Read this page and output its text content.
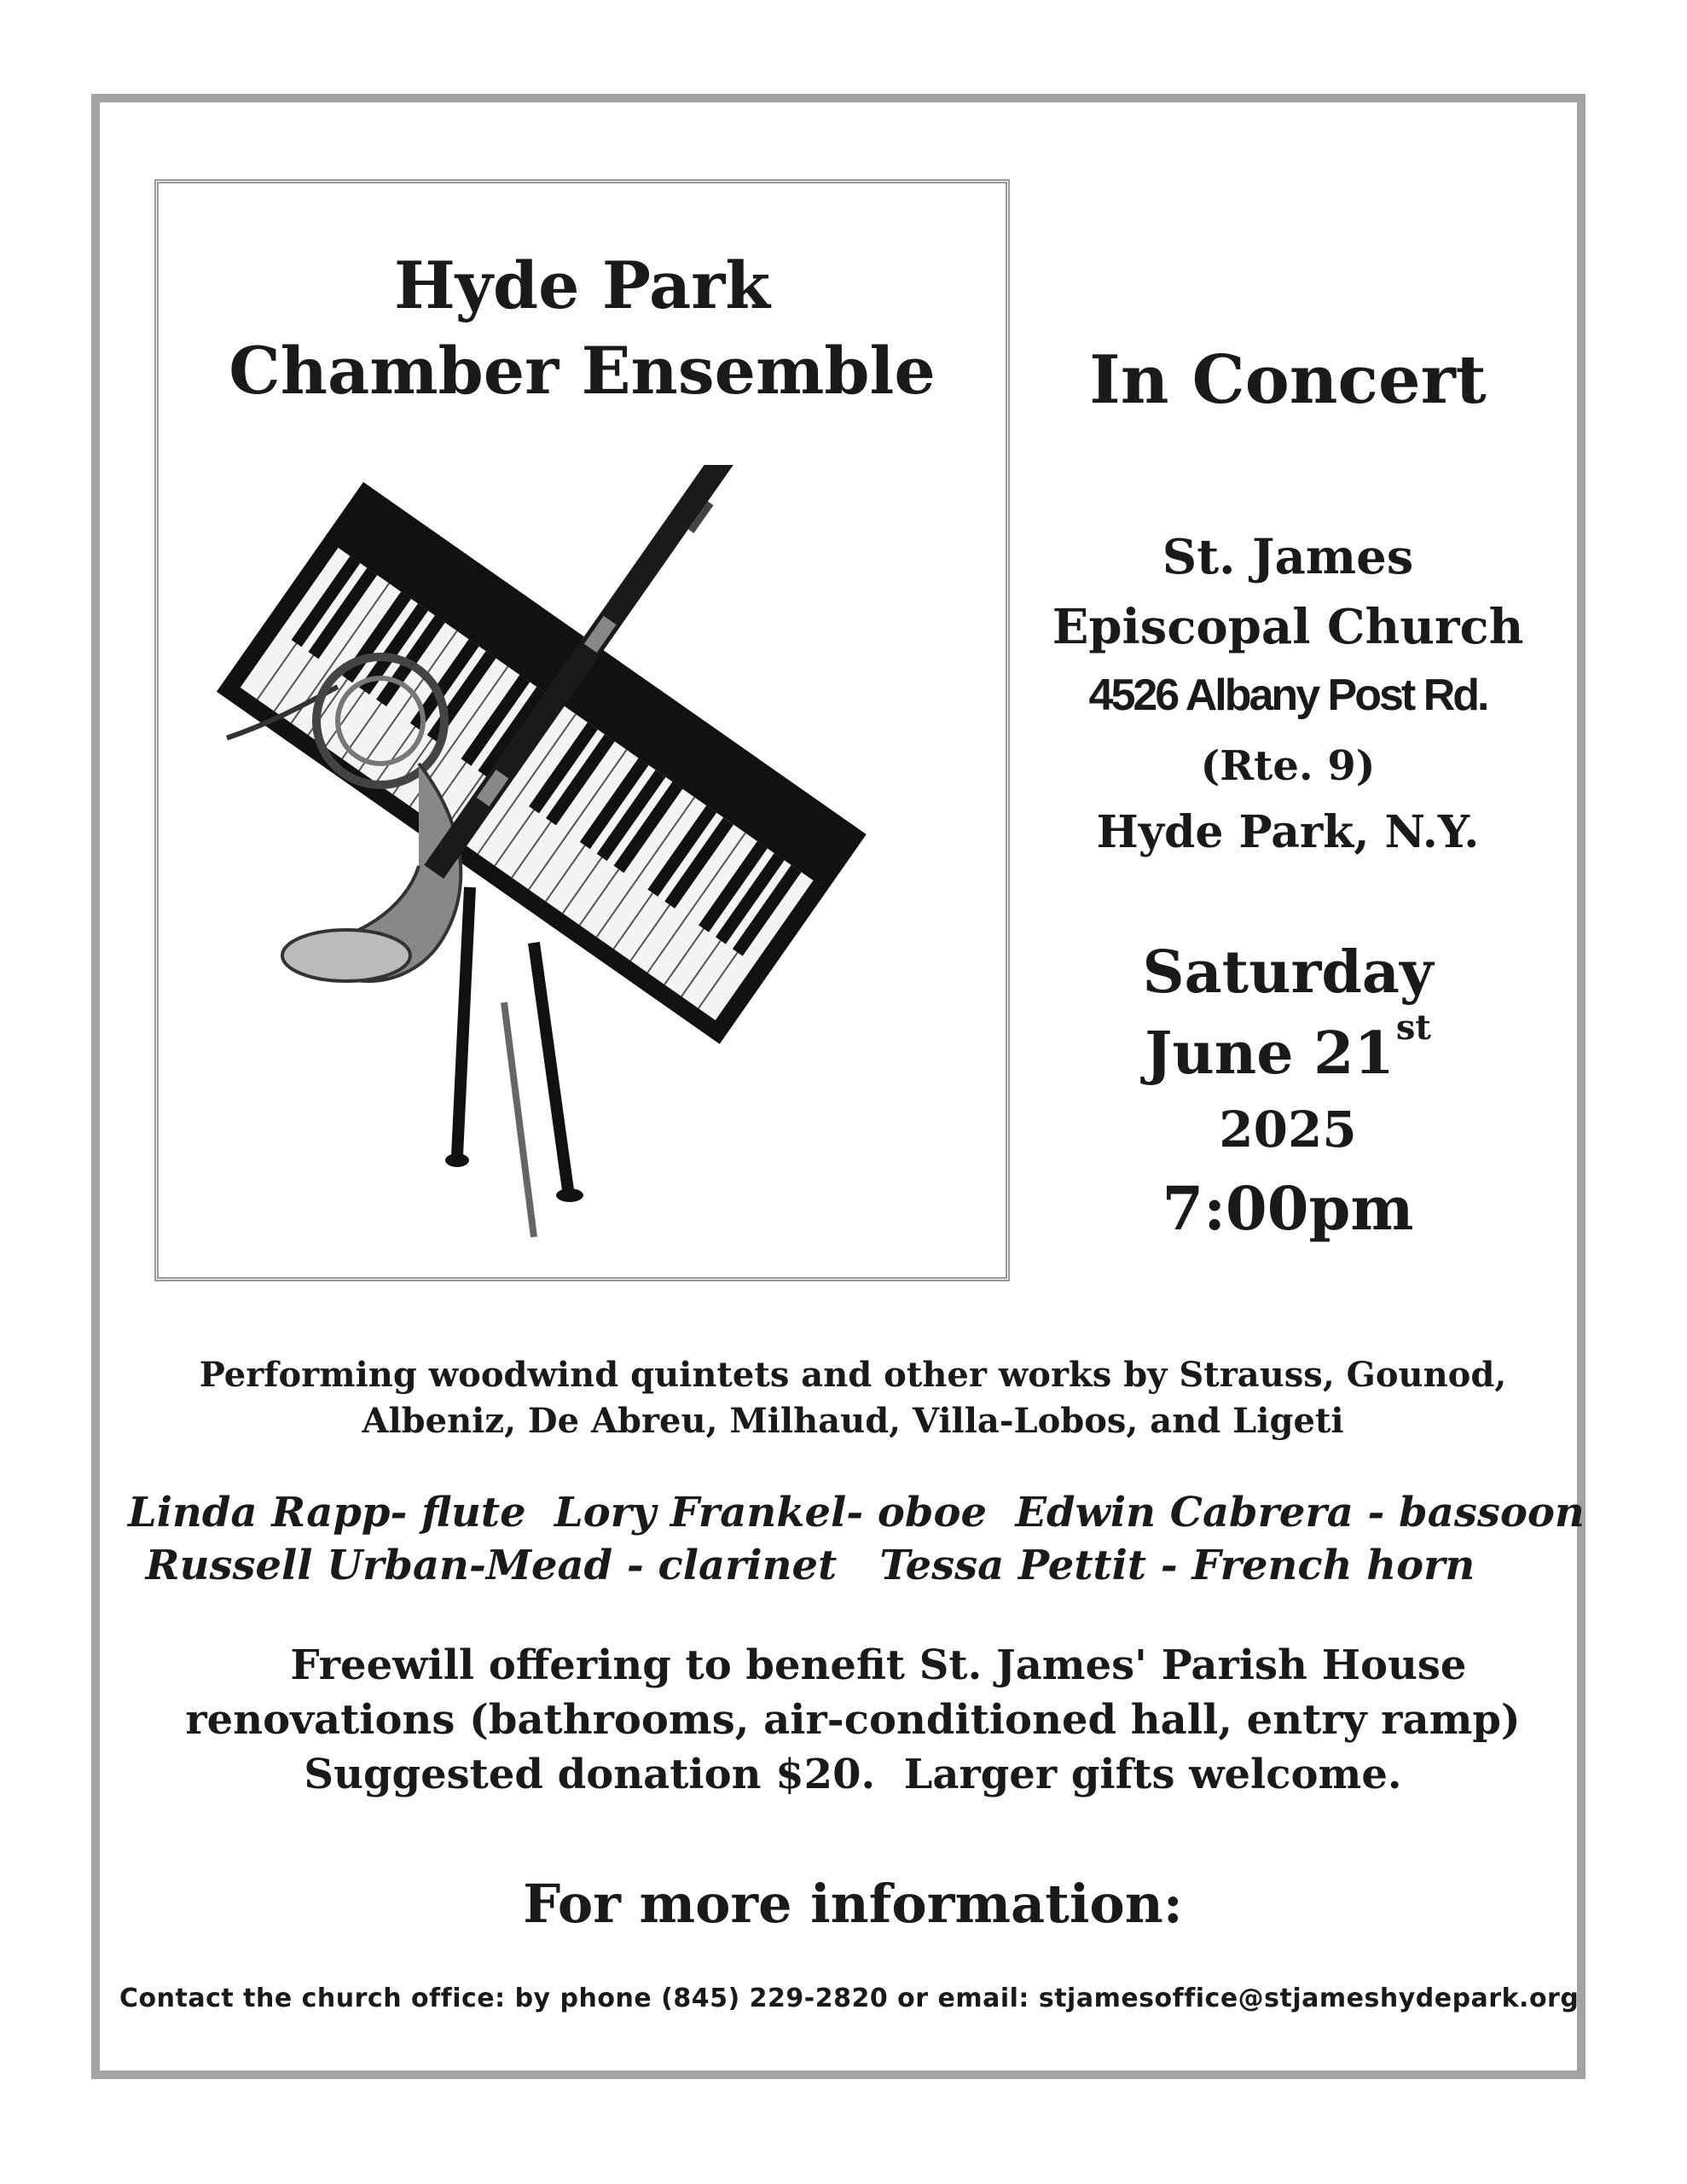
Hyde Park
Chamber Ensemble	In Concert
St. James
Episcopal Church
4526 Albany Post Rd.
(Rte. 9)
Hyde Park, N.Y.
Saturday
June 21st
2025
7:00pm
Performing woodwind quintets and other works by Strauss, Gounod,
Albeniz, De Abreu, Milhaud, Villa-Lobos, and Ligeti
Linda Rapp- flute  Lory Frankel- oboe  Edwin Cabrera - bassoon
Russell Urban-Mead - clarinet   Tessa Pettit - French horn
Freewill offering to benefit St. James' Parish House
renovations (bathrooms, air-conditioned hall, entry ramp)
Suggested donation $20.  Larger gifts welcome.
For more information:
Contact the church office: by phone (845) 229-2820 or email: stjamesoffice@stjameshydepark.org
